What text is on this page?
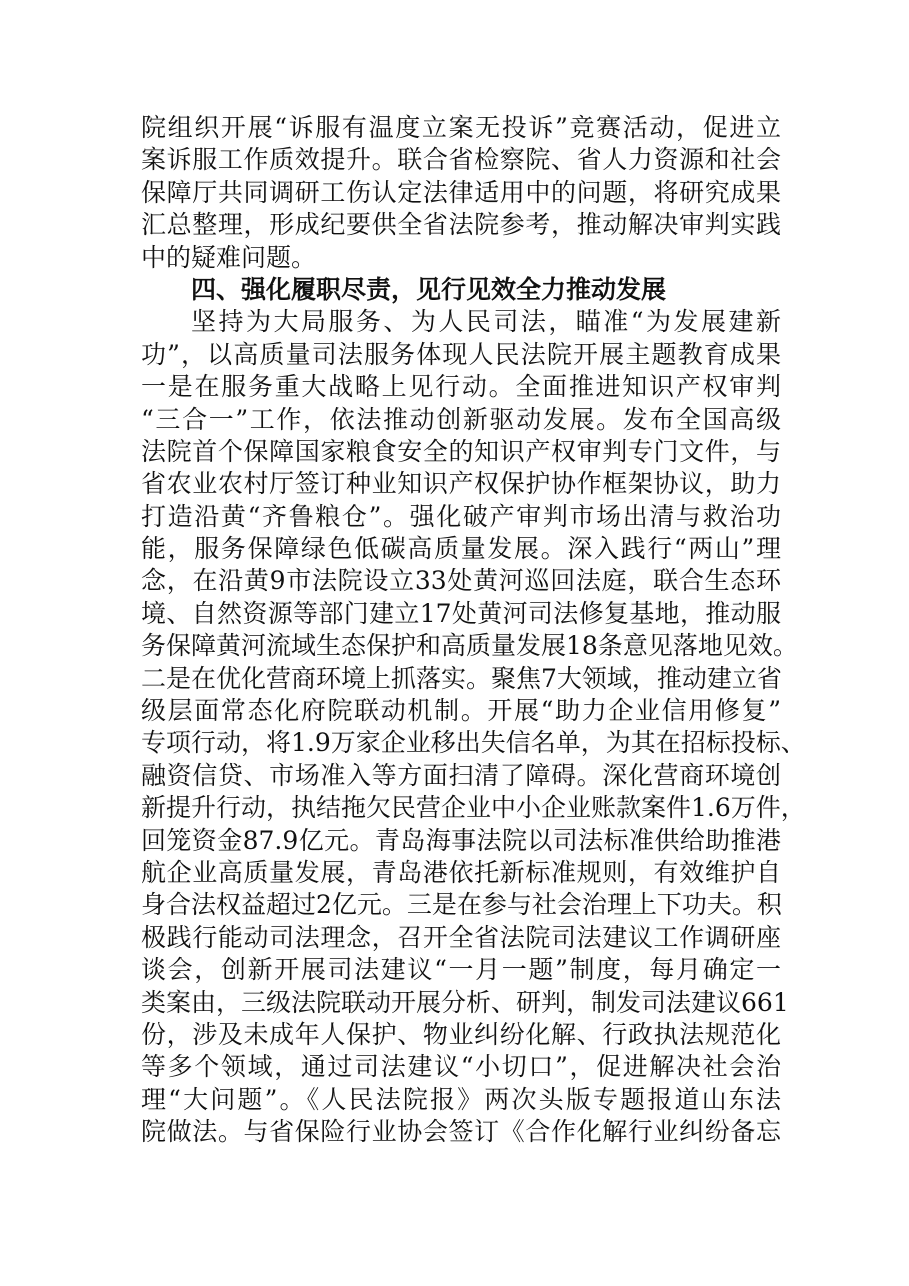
院组织开展“诉服有温度立案无投诉”竞赛活动，促进立
案诉服工作质效提升。联合省检察院、省人力资源和社会
保障厅共同调研工伤认定法律适用中的问题，将研究成果
汇总整理，形成纪要供全省法院参考，推动解决审判实践
中的疑难问题。
四、强化履职尽责，见行见效全力推动发展
坚持为大局服务、为人民司法，瞄准“为发展建新
功”，以高质量司法服务体现人民法院开展主题教育成果
一是在服务重大战略上见行动。全面推进知识产权审判
“三合一”工作，依法推动创新驱动发展。发布全国高级
法院首个保障国家粮食安全的知识产权审判专门文件，与
省农业农村厅签订种业知识产权保护协作框架协议，助力
打造沿黄“齐鲁粮仓”。强化破产审判市场出清与救治功
能，服务保障绿色低碳高质量发展。深入践行“两山”理
念，在沿黄9市法院设立33处黄河巡回法庭，联合生态环
境、自然资源等部门建立17处黄河司法修复基地，推动服
务保障黄河流域生态保护和高质量发展18条意见落地见效。
二是在优化营商环境上抓落实。聚焦7大领域，推动建立省
级层面常态化府院联动机制。开展“助力企业信用修复”
专项行动，将1.9万家企业移出失信名单，为其在招标投标、
融资信贷、市场准入等方面扫清了障碍。深化营商环境创
新提升行动，执结拖欠民营企业中小企业账款案件1.6万件，
回笼资金87.9亿元。青岛海事法院以司法标准供给助推港
航企业高质量发展，青岛港依托新标准规则，有效维护自
身合法权益超过2亿元。三是在参与社会治理上下功夫。积
极践行能动司法理念，召开全省法院司法建议工作调研座
谈会，创新开展司法建议“一月一题”制度，每月确定一
类案由，三级法院联动开展分析、研判，制发司法建议661
份，涉及未成年人保护、物业纠纷化解、行政执法规范化
等多个领域，通过司法建议“小切口”，促进解决社会治
理“大问题”。《人民法院报》两次头版专题报道山东法
院做法。与省保险行业协会签订《合作化解行业纠纷备忘
